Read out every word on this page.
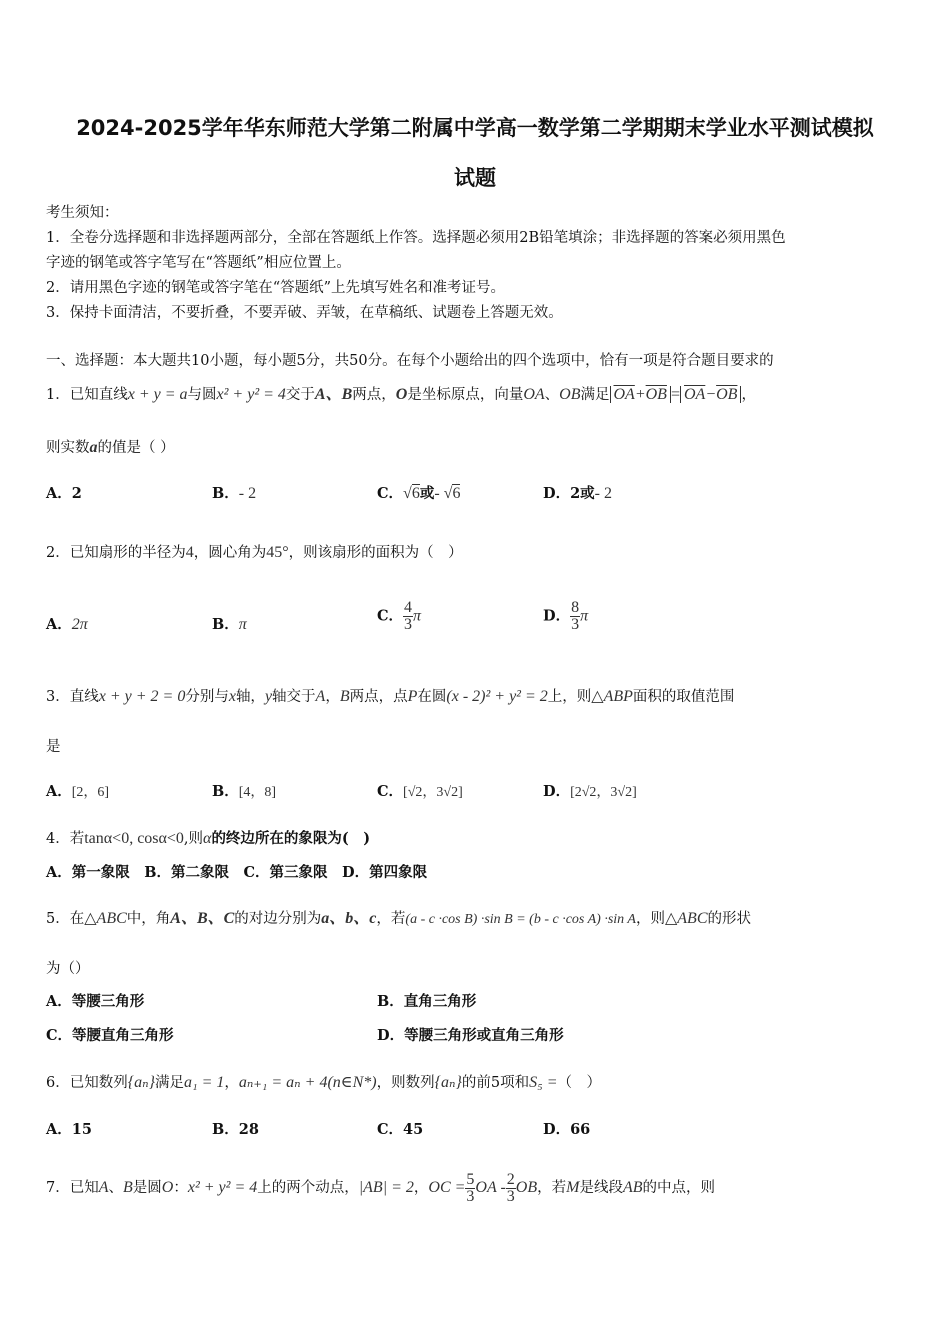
2024-2025学年华东师范大学第二附属中学高一数学第二学期期末学业水平测试模拟
试题
考生须知：
1．全卷分选择题和非选择题两部分，全部在答题纸上作答。选择题必须用2B铅笔填涂；非选择题的答案必须用黑色
字迹的钢笔或答字笔写在“答题纸”相应位置上。
2．请用黑色字迹的钢笔或答字笔在“答题纸”上先填写姓名和准考证号。
3．保持卡面清洁，不要折叠，不要弄破、弄皱，在草稿纸、试题卷上答题无效。
一、选择题：本大题共10小题，每小题5分，共50分。在每个小题给出的四个选项中，恰有一项是符合题目要求的
1．已知直线x + y = a与圆x² + y² = 4交于A、B两点，O是坐标原点，向量OA、OB满足 $\overline{OA}+\overline{OB} = \overline{OA}-\overline{OB}$ ，
则实数a的值是（ ）
A．2	B．- 2	C．√6或- √6	D．2或- 2
2．已知扇形的半径为4，圆心角为45°，则该扇形的面积为（　）
A．2π	B．π	C． $\frac{4}{3}$ π	D． $\frac{8}{3}$ π
3．直线x + y + 2 = 0分别与x轴，y轴交于A，B两点，点P在圆(x - 2)² + y² = 2上，则△ABP面积的取值范围
是
A．[2，6]	B．[4，8]	C．[√2，3√2]	D．[2√2，3√2]
4．若tanα<0, cosα<0,则α的终边所在的象限为(　)
A．第一象限　B．第二象限　C．第三象限　D．第四象限
5．在△ABC中，角A、B、C的对边分别为a、b、c，若(a - c ·cos B) ·sin B = (b - c ·cos A) ·sin A，则△ABC的形状
为（）
A．等腰三角形	B．直角三角形
C．等腰直角三角形	D．等腰三角形或直角三角形
6．已知数列{aₙ}满足a₁ = 1，aₙ₊₁ = aₙ + 4(n∈N*)，则数列{aₙ}的前5项和S₅ =（　）
A．15	B．28	C．45	D．66
7．已知A、B是圆O：x² + y² = 4上的两个动点，|AB| = 2，OC = $\frac{5}{3}$ OA - $\frac{2}{3}$ OB，若M是线段AB的中点，则
